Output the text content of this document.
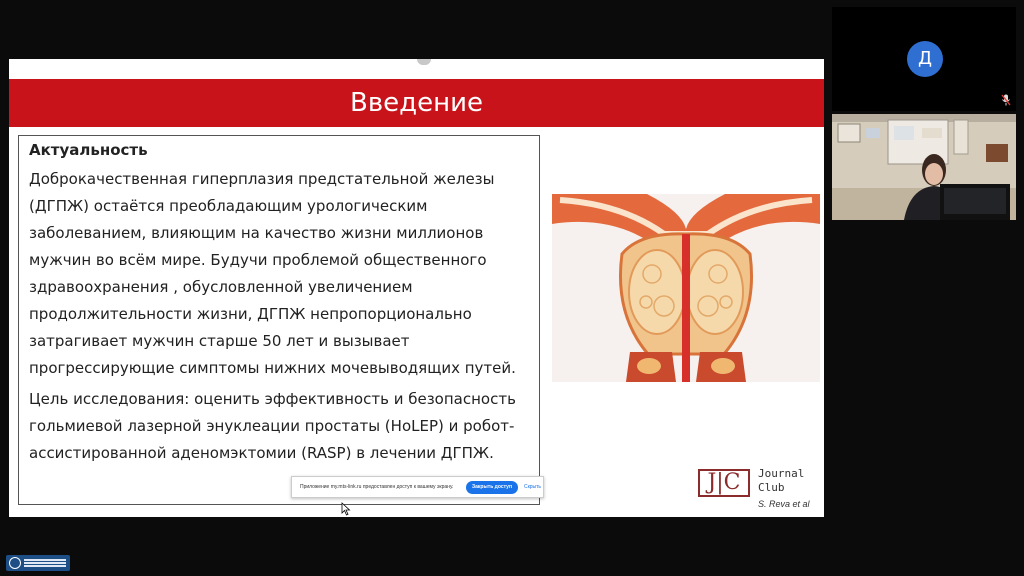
Введение
Актуальность
Доброкачественная гиперплазия предстательной железы (ДГПЖ) остаётся преобладающим урологическим заболеванием, влияющим на качество жизни миллионов мужчин во всём мире. Будучи проблемой общественного здравоохранения , обусловленной увеличением продолжительности жизни, ДГПЖ непропорционально затрагивает мужчин старше 50 лет и вызывает прогрессирующие симптомы нижних мочевыводящих путей.
Цель исследования: оценить эффективность и безопасность гольмиевой лазерной энуклеации простаты (HoLEP) и робот-ассистированной аденомэктомии (RASP) в лечении ДГПЖ.
J|C	Journal
Club
S. Reva et al
Приложение my.mts-link.ru предоставлен доступ к вашему экрану.	Закрыть доступ	Скрыть
Д
